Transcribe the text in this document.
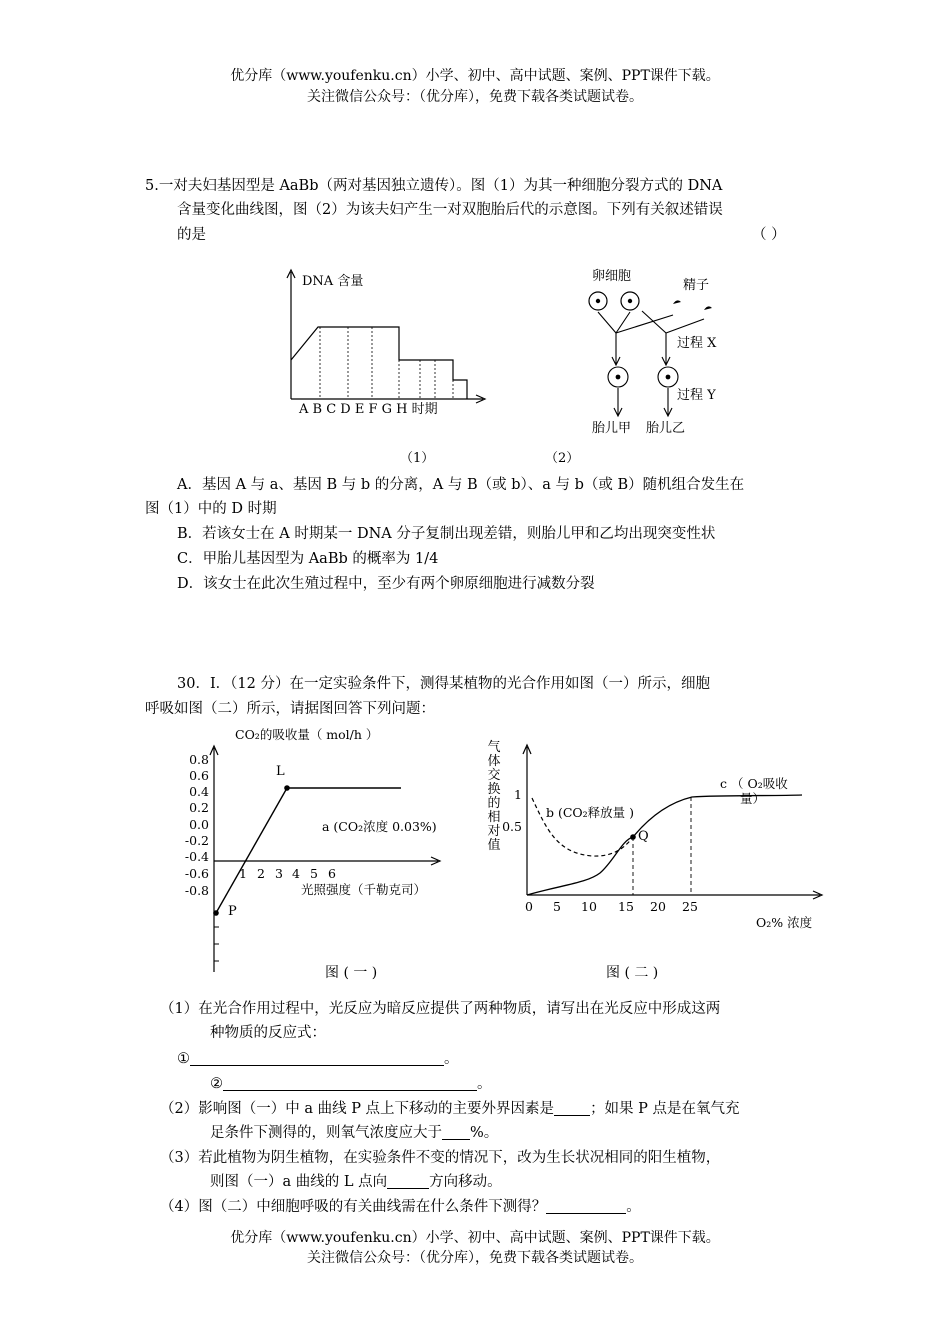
优分库（www.youfenku.cn）小学、初中、高中试题、案例、PPT课件下载。
关注微信公众号：（优分库），免费下载各类试题试卷。
5.一对夫妇基因型是 AaBb（两对基因独立遗传）。图（1）为其一种细胞分裂方式的 DNA
含量变化曲线图，图（2）为该夫妇产生一对双胞胎后代的示意图。下列有关叙述错误
的是	（ ）
DNA 含量
A B C D E F G H 时期
（1）
卵细胞
精子
过程 X
过程 Y
胎儿甲 胎儿乙
（2）
A．基因 A 与 a、基因 B 与 b 的分离，A 与 B（或 b）、a 与 b（或 B）随机组合发生在
图（1）中的 D 时期
B．若该女士在 A 时期某一 DNA 分子复制出现差错，则胎儿甲和乙均出现突变性状
C．甲胎儿基因型为 AaBb 的概率为 1/4
D．该女士在此次生殖过程中，至少有两个卵原细胞进行减数分裂
30．Ⅰ．（12 分）在一定实验条件下，测得某植物的光合作用如图（一）所示，细胞
呼吸如图（二）所示，请据图回答下列问题：
CO₂的吸收量（ mol/h ）
0.8
0.6
0.4
0.2
0.0
-0.2
-0.4
-0.6
-0.8
1 2 3 4 5 6
L
P
a (CO₂浓度 0.03%)
光照强度（千勒克司）
图 ( 一 )
气
体
交
换
的
相
对
值
1
0.5
0 5 10 15 20 25
Q
b (CO₂释放量 )
c （ O₂吸收
量）
O₂% 浓度
图 ( 二 )
（1）在光合作用过程中，光反应为暗反应提供了两种物质，请写出在光反应中形成这两
种物质的反应式：
①	。
②	。
（2）影响图（一）中 a 曲线 P 点上下移动的主要外界因素是 ；如果 P 点是在氧气充
足条件下测得的，则氧气浓度应大于 %。
（3）若此植物为阴生植物，在实验条件不变的情况下，改为生长状况相同的阳生植物，
则图（一）a 曲线的 L 点向	方向移动。
（4）图（二）中细胞呼吸的有关曲线需在什么条件下测得？	。
优分库（www.youfenku.cn）小学、初中、高中试题、案例、PPT课件下载。
关注微信公众号：（优分库），免费下载各类试题试卷。
